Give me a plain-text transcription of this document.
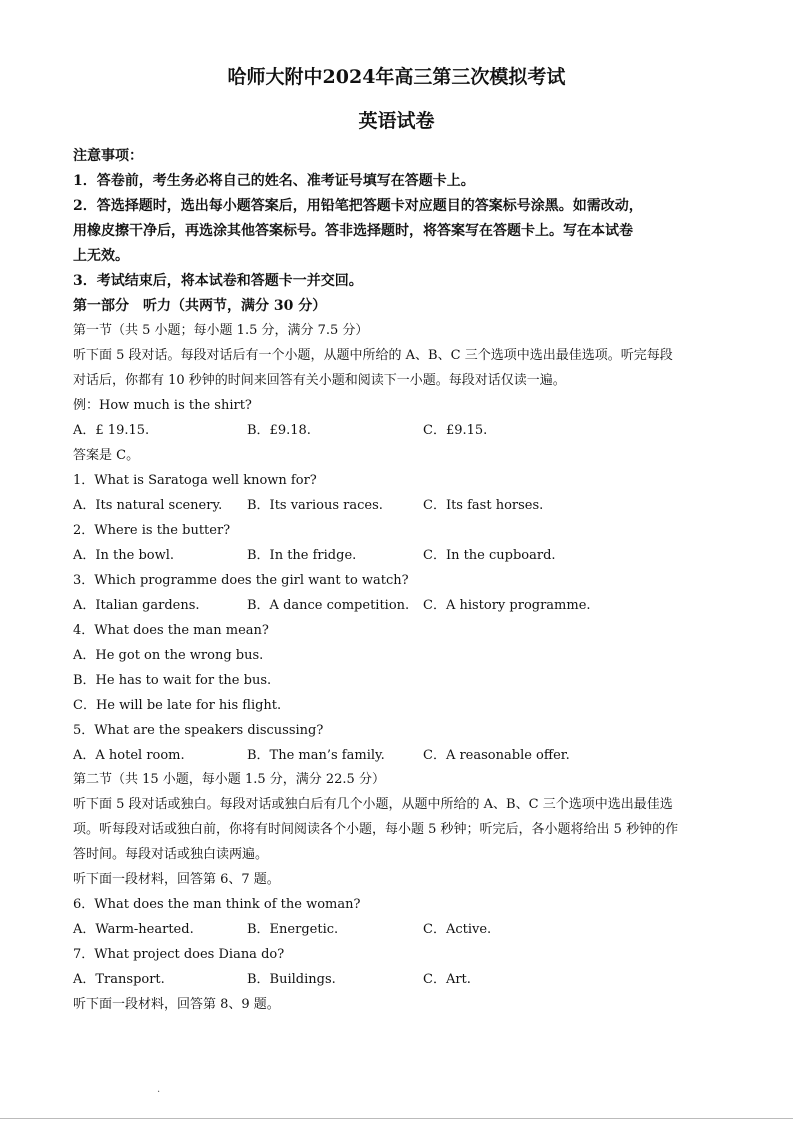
哈师大附中2024年高三第三次模拟考试
英语试卷
注意事项：
1．答卷前，考生务必将自己的姓名、准考证号填写在答题卡上。
2．答选择题时，选出每小题答案后，用铅笔把答题卡对应题目的答案标号涂黑。如需改动，
用橡皮擦干净后，再选涂其他答案标号。答非选择题时，将答案写在答题卡上。写在本试卷
上无效。
3．考试结束后，将本试卷和答题卡一并交回。
第一部分　听力（共两节，满分 30 分）
第一节（共 5 小题；每小题 1.5 分，满分 7.5 分）
听下面 5 段对话。每段对话后有一个小题，从题中所给的 A、B、C 三个选项中选出最佳选项。听完每段
对话后，你都有 10 秒钟的时间来回答有关小题和阅读下一小题。每段对话仅读一遍。
例：How much is the shirt?
A．£ 19.15.	B．£9.18.	C．£9.15.
答案是 C。
1．What is Saratoga well known for?
A．Its natural scenery. B．Its various races.	C．Its fast horses.
2．Where is the butter?
A．In the bowl.	B．In the fridge.	C．In the cupboard.
3．Which programme does the girl want to watch?
A．Italian gardens.	B．A dance competition. C．A history programme.
4．What does the man mean?
A．He got on the wrong bus.
B．He has to wait for the bus.
C．He will be late for his flight.
5．What are the speakers discussing?
A．A hotel room.	B．The man’s family.	C．A reasonable offer.
第二节（共 15 小题，每小题 1.5 分，满分 22.5 分）
听下面 5 段对话或独白。每段对话或独白后有几个小题，从题中所给的 A、B、C 三个选项中选出最佳选
项。听每段对话或独白前，你将有时间阅读各个小题，每小题 5 秒钟；听完后，各小题将给出 5 秒钟的作
答时间。每段对话或独白读两遍。
听下面一段材料，回答第 6、7 题。
6．What does the man think of the woman?
A．Warm-hearted.	B．Energetic.	C．Active.
7．What project does Diana do?
A．Transport.	B．Buildings.	C．Art.
听下面一段材料，回答第 8、9 题。
.
